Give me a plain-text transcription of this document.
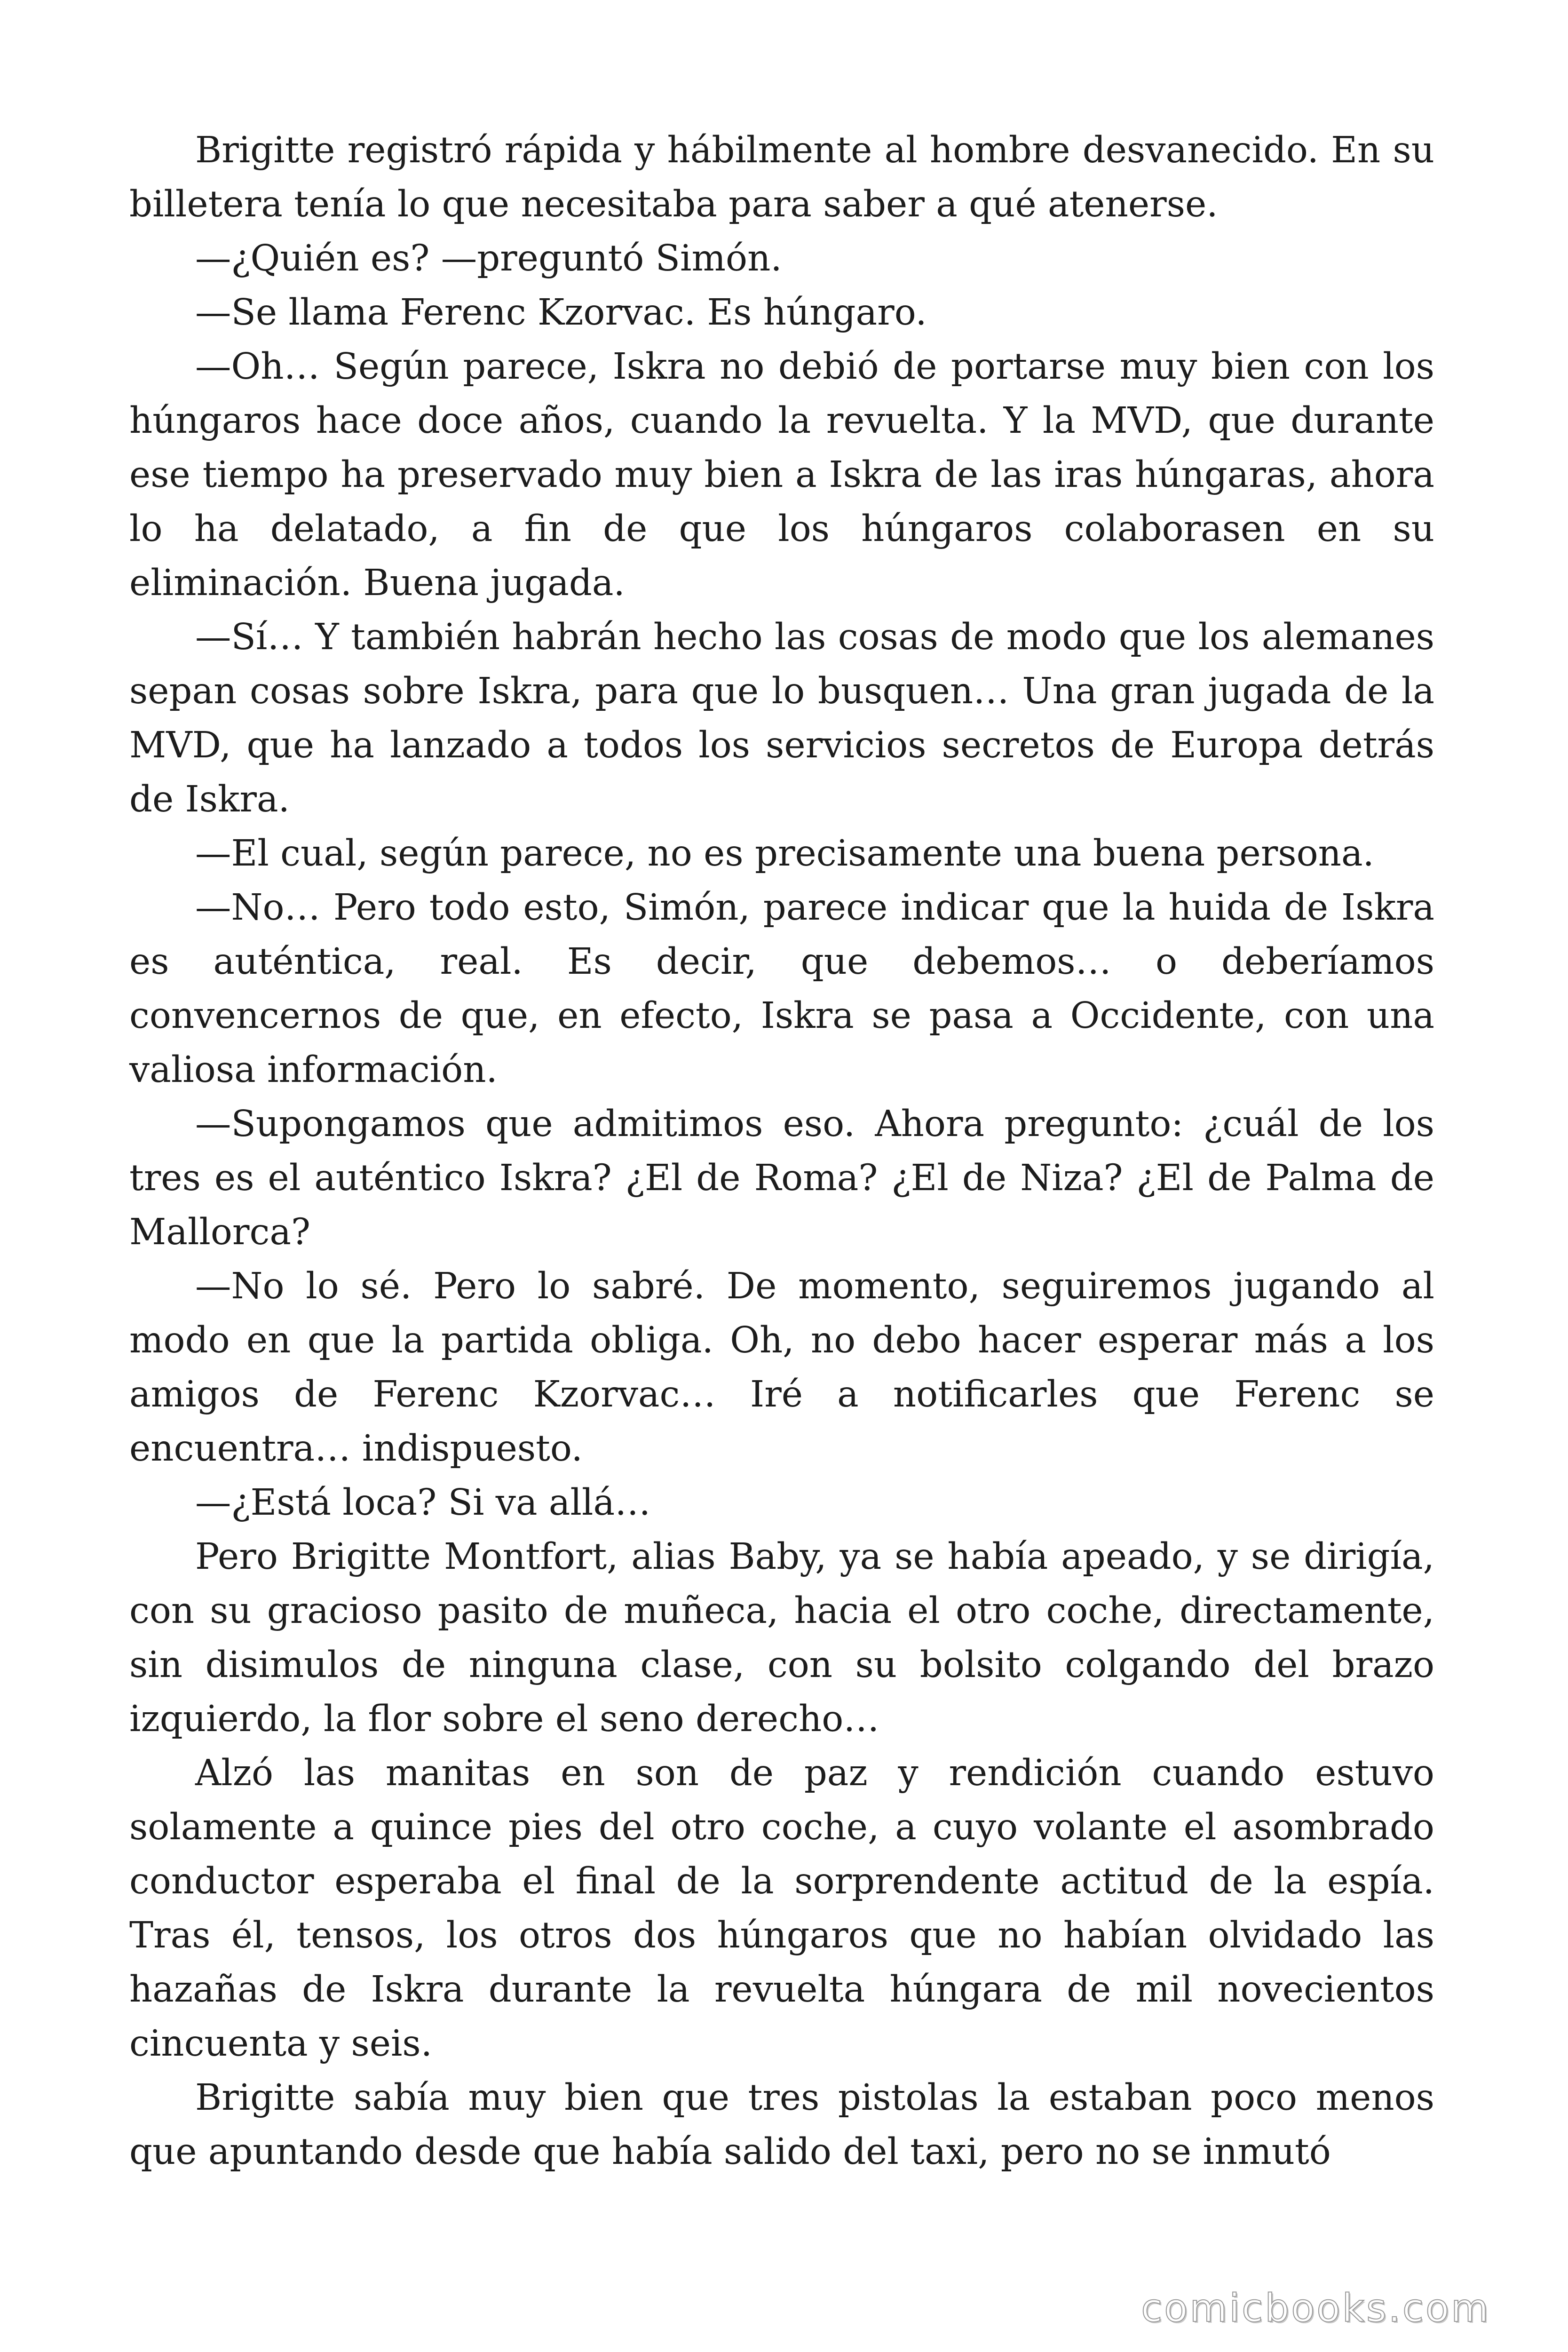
Brigitte registró rápida y hábilmente al hombre desvanecido. En su billetera tenía lo que necesitaba para saber a qué atenerse.

—¿Quién es? —preguntó Simón.

—Se llama Ferenc Kzorvac. Es húngaro.

—Oh… Según parece, Iskra no debió de portarse muy bien con los húngaros hace doce años, cuando la revuelta. Y la MVD, que durante ese tiempo ha preservado muy bien a Iskra de las iras húngaras, ahora lo ha delatado, a fin de que los húngaros colaborasen en su eliminación. Buena jugada.

—Sí… Y también habrán hecho las cosas de modo que los alemanes sepan cosas sobre Iskra, para que lo busquen… Una gran jugada de la MVD, que ha lanzado a todos los servicios secretos de Europa detrás de Iskra.

—El cual, según parece, no es precisamente una buena persona.

—No… Pero todo esto, Simón, parece indicar que la huida de Iskra es auténtica, real. Es decir, que debemos… o deberíamos convencernos de que, en efecto, Iskra se pasa a Occidente, con una valiosa información.

—Supongamos que admitimos eso. Ahora pregunto: ¿cuál de los tres es el auténtico Iskra? ¿El de Roma? ¿El de Niza? ¿El de Palma de Mallorca?

—No lo sé. Pero lo sabré. De momento, seguiremos jugando al modo en que la partida obliga. Oh, no debo hacer esperar más a los amigos de Ferenc Kzorvac… Iré a notificarles que Ferenc se encuentra… indispuesto.

—¿Está loca? Si va allá…

Pero Brigitte Montfort, alias Baby, ya se había apeado, y se dirigía, con su gracioso pasito de muñeca, hacia el otro coche, directamente, sin disimulos de ninguna clase, con su bolsito colgando del brazo izquierdo, la flor sobre el seno derecho…

Alzó las manitas en son de paz y rendición cuando estuvo solamente a quince pies del otro coche, a cuyo volante el asombrado conductor esperaba el final de la sorprendente actitud de la espía. Tras él, tensos, los otros dos húngaros que no habían olvidado las hazañas de Iskra durante la revuelta húngara de mil novecientos cincuenta y seis.

Brigitte sabía muy bien que tres pistolas la estaban poco menos que apuntando desde que había salido del taxi, pero no se inmutó

comicbooks.com
